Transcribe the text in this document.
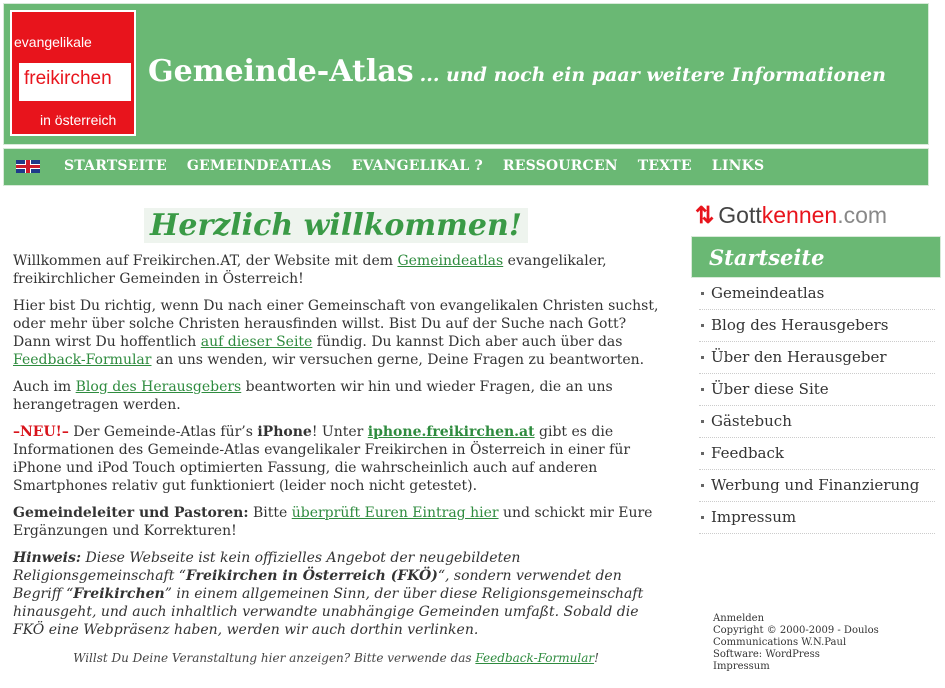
evangelikale
freikirchen
in österreich
Gemeinde-Atlas ... und noch ein paar weitere Informationen
STARTSEITE GEMEINDEATLAS EVANGELIKAL ? RESSOURCEN TEXTE LINKS
Herzlich willkommen!

Willkommen auf Freikirchen.AT, der Website mit dem Gemeindeatlas evangelikaler, freikirchlicher Gemeinden in Österreich!

Hier bist Du richtig, wenn Du nach einer Gemeinschaft von evangelikalen Christen suchst, oder mehr über solche Christen herausfinden willst. Bist Du auf der Suche nach Gott? Dann wirst Du hoffentlich auf dieser Seite fündig. Du kannst Dich aber auch über das Feedback-Formular an uns wenden, wir versuchen gerne, Deine Fragen zu beantworten.

Auch im Blog des Herausgebers beantworten wir hin und wieder Fragen, die an uns herangetragen werden.

–NEU!– Der Gemeinde-Atlas für’s iPhone! Unter iphone.freikirchen.at gibt es die Informationen des Gemeinde-Atlas evangelikaler Freikirchen in Österreich in einer für iPhone und iPod Touch optimierten Fassung, die wahrscheinlich auch auf anderen Smartphones relativ gut funktioniert (leider noch nicht getestet).

Gemeindeleiter und Pastoren: Bitte überprüft Euren Eintrag hier und schickt mir Eure Ergänzungen und Korrekturen!

Hinweis: Diese Webseite ist kein offizielles Angebot der neugebildeten Religionsgemeinschaft “Freikirchen in Österreich (FKÖ)“, sondern verwendet den Begriff “Freikirchen” in einem allgemeinen Sinn, der über diese Religionsgemeinschaft hinausgeht, und auch inhaltlich verwandte unabhängige Gemeinden umfaßt. Sobald die FKÖ eine Webpräsenz haben, werden wir auch dorthin verlinken.

Willst Du Deine Veranstaltung hier anzeigen? Bitte verwende das Feedback-Formular!
⇅ Gottkennen.com
Startseite
Gemeindeatlas
Blog des Herausgebers
Über den Herausgeber
Über diese Site
Gästebuch
Feedback
Werbung und Finanzierung
Impressum
Anmelden
Copyright © 2000-2009 - Doulos
Communications W.N.Paul
Software: WordPress
Impressum
